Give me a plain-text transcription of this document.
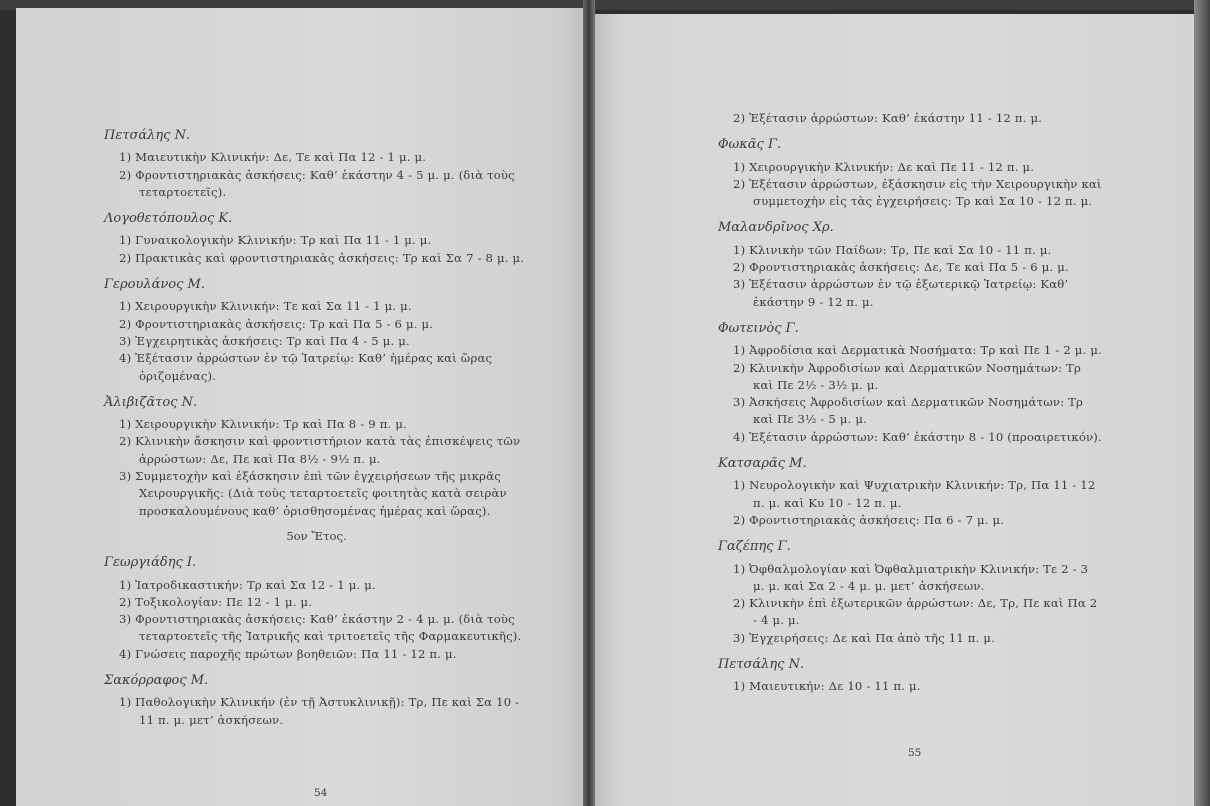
Πετσάλης Ν.
1) Μαιευτικὴν Κλινικήν: Δε, Τε καὶ Πα 12 - 1 μ. μ.
2) Φροντιστηριακὰς ἀσκήσεις: Καθ’ ἑκάστην 4 - 5 μ. μ. (διὰ τοὺς τεταρτοετεῖς).
Λογοθετόπουλος Κ.
1) Γυναικολογικὴν Κλινικήν: Τρ καὶ Πα 11 - 1 μ. μ.
2) Πρακτικὰς καὶ φροντιστηριακὰς ἀσκήσεις: Τρ καὶ Σα 7 - 8 μ. μ.
Γερουλάνος Μ.
1) Χειρουργικὴν Κλινικήν: Τε καὶ Σα 11 - 1 μ. μ.
2) Φροντιστηριακὰς ἀσκήσεις: Τρ καὶ Πα 5 - 6 μ. μ.
3) Ἐγχειρητικὰς ἀσκήσεις: Τρ καὶ Πα 4 - 5 μ. μ.
4) Ἐξέτασιν ἀρρώστων ἐν τῷ Ἰατρείῳ: Καθ’ ἡμέρας καὶ ὥρας ὁριζομένας).
Ἀλιβιζᾶτος Ν.
1) Χειρουργικὴν Κλινικήν: Τρ καὶ Πα 8 - 9 π. μ.
2) Κλινικὴν ἄσκησιν καὶ φροντιστήριον κατὰ τὰς ἐπισκέψεις τῶν ἀρρώστων: Δε, Πε καὶ Πα 8½ - 9½ π. μ.
3) Συμμετοχὴν καὶ ἐξάσκησιν ἐπὶ τῶν ἐγχειρήσεων τῆς μικρᾶς Χειρουργικῆς: (Διὰ τοὺς τεταρτοετεῖς φοιτητὰς κατὰ σειρὰν προσκαλουμένους καθ’ ὁρισθησομένας ἡμέρας καὶ ὥρας).
5ον Ἔτος.
Γεωργιάδης Ι.
1) Ἰατροδικαστικήν: Τρ καὶ Σα 12 - 1 μ. μ.
2) Τοξικολογίαν: Πε 12 - 1 μ. μ.
3) Φροντιστηριακὰς ἀσκήσεις: Καθ’ ἑκάστην 2 - 4 μ. μ. (διὰ τοὺς τεταρτοετεῖς τῆς Ἰατρικῆς καὶ τριτοετεῖς τῆς Φαρμακευτικῆς).
4) Γνώσεις παροχῆς πρώτων βοηθειῶν: Πα 11 - 12 π. μ.
Σακόρραφος Μ.
1) Παθολογικὴν Κλινικήν (ἐν τῇ Ἀστυκλινικῇ): Τρ, Πε καὶ Σα 10 - 11 π. μ. μετ’ ἀσκήσεων.
2) Ἐξέτασιν ἀρρώστων: Καθ’ ἑκάστην 11 - 12 π. μ.
Φωκᾶς Γ.
1) Χειρουργικὴν Κλινικήν: Δε καὶ Πε 11 - 12 π. μ.
2) Ἐξέτασιν ἀρρώστων, ἐξάσκησιν εἰς τὴν Χειρουργικὴν καὶ συμμετοχὴν εἰς τὰς ἐγχειρήσεις: Τρ καὶ Σα 10 - 12 π. μ.
Μαλανδρῖνος Χρ.
1) Κλινικὴν τῶν Παίδων: Τρ, Πε καὶ Σα 10 - 11 π. μ.
2) Φροντιστηριακὰς ἀσκήσεις: Δε, Τε καὶ Πα 5 - 6 μ. μ.
3) Ἐξέτασιν ἀρρώστων ἐν τῷ ἐξωτερικῷ Ἰατρείῳ: Καθ’ ἑκάστην 9 - 12 π. μ.
Φωτεινὸς Γ.
1) Ἀφροδίσια καὶ Δερματικὰ Νοσήματα: Τρ καὶ Πε 1 - 2 μ. μ.
2) Κλινικὴν Ἀφροδισίων καὶ Δερματικῶν Νοσημάτων: Τρ καὶ Πε 2½ - 3½ μ. μ.
3) Ἀσκήσεις Ἀφροδισίων καὶ Δερματικῶν Νοσημάτων: Τρ καὶ Πε 3½ - 5 μ. μ.
4) Ἐξέτασιν ἀρρώστων: Καθ’ ἑκάστην 8 - 10 (προαιρετικόν).
Κατσαρᾶς Μ.
1) Νευρολογικὴν καὶ Ψυχιατρικὴν Κλινικήν: Τρ, Πα 11 - 12 π. μ. καὶ Κυ 10 - 12 π. μ.
2) Φροντιστηριακὰς ἀσκήσεις: Πα 6 - 7 μ. μ.
Γαζέπης Γ.
1) Ὀφθαλμολογίαν καὶ Ὀφθαλμιατρικὴν Κλινικήν: Τε 2 - 3 μ. μ. καὶ Σα 2 - 4 μ. μ. μετ’ ἀσκήσεων.
2) Κλινικὴν ἐπὶ ἐξωτερικῶν ἀρρώστων: Δε, Τρ, Πε καὶ Πα 2 - 4 μ. μ.
3) Ἐγχειρήσεις: Δε καὶ Πα ἀπὸ τῆς 11 π. μ.
Πετσάλης Ν.
1) Μαιευτικήν: Δε 10 - 11 π. μ.
54
55
